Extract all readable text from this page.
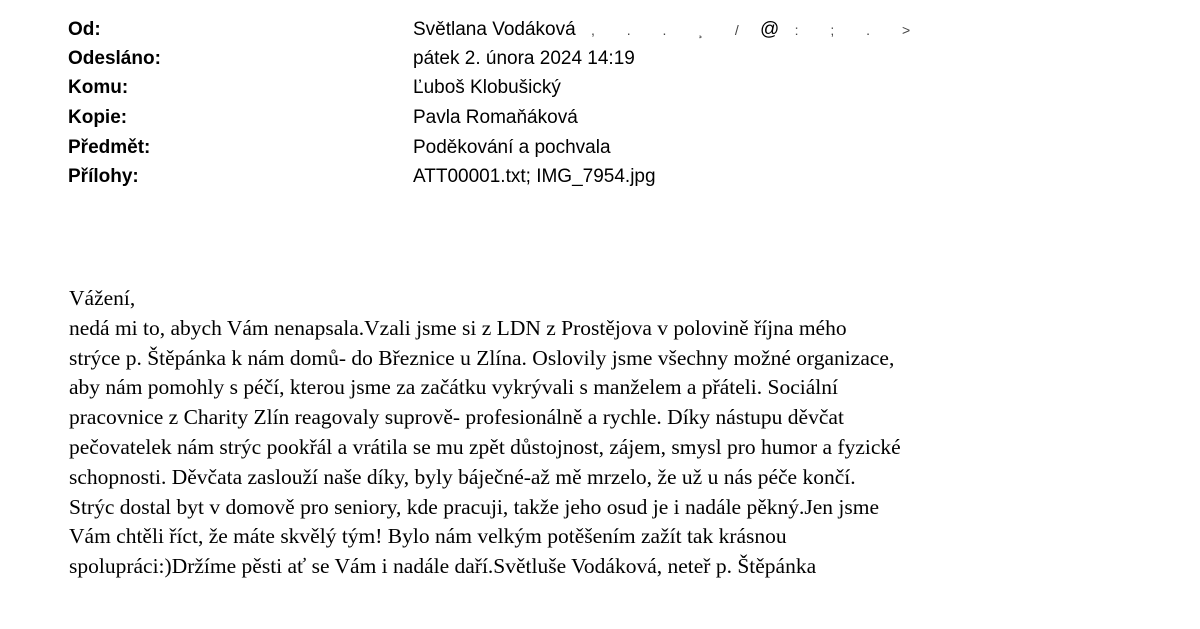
Od:	Světlana Vodáková , . . ¸ / @ : ; . >
Odesláno:	pátek 2. února 2024 14:19
Komu:	Ľuboš Klobušický
Kopie:	Pavla Romaňáková
Předmět:	Poděkování a pochvala
Přílohy:	ATT00001.txt; IMG_7954.jpg
Vážení,
nedá mi to, abych Vám nenapsala.Vzali jsme si z LDN z Prostějova v polovině října mého
strýce p. Štěpánka k nám domů- do Březnice u Zlína. Oslovily jsme všechny možné organizace,
aby nám pomohly s péčí, kterou jsme za začátku vykrývali s manželem a přáteli. Sociální
pracovnice z Charity Zlín reagovaly suprově- profesionálně a rychle. Díky nástupu děvčat
pečovatelek nám strýc pookřál a vrátila se mu zpět důstojnost, zájem, smysl pro humor a fyzické
schopnosti. Děvčata zaslouží naše díky, byly báječné-až mě mrzelo, že už u nás péče končí.
Strýc dostal byt v domově pro seniory, kde pracuji, takže jeho osud je i nadále pěkný.Jen jsme
Vám chtěli říct, že máte skvělý tým! Bylo nám velkým potěšením zažít tak krásnou
spolupráci:)Držíme pěsti ať se Vám i nadále daří.Světluše Vodáková, neteř p. Štěpánka
